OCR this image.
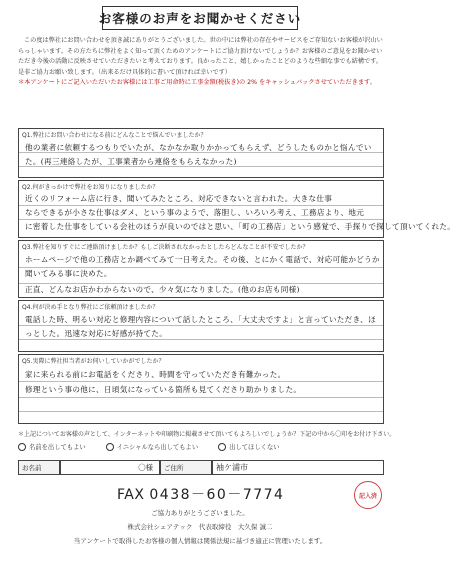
お客様のお声をお聞かせください

この度は弊社にお問い合わせを頂き誠にありがとうございました。世の中には弊社の存在やサービスをご存知ないお客様が沢山いらっしゃいます。その方たちに弊社をよく知って頂くためのアンケートにご協力頂けないでしょうか？お客様のご意見をお聞かせいただき今後の活動に反映させていただきたいと考えております。良かったこと、嬉しかったことどのような些細な事でも結構です。是非ご協力お願い致します。（出来るだけ具体的に書いて頂ければ幸いです）

＊本アンケートにご記入いただいたお客様には工事ご用命時に工事金額(税抜き)の 2% をキャッシュバックさせていただきます。

Q1.弊社にお問い合わせになる前にどんなことで悩んでいましたか？
他の業者に依頼するつもりでいたが、なかなか取りかかってもらえず、どうしたものかと悩んでいた。(再三連絡したが、工事業者から連絡をもらえなかった)
Q2.何がきっかけで弊社をお知りになりましたか？
近くのリフォーム店に行き、聞いてみたところ、対応できないと言われた。大きな仕事
ならできるが小さな仕事はダメ、という事のようで、落胆し、いろいろ考え、工務店より、地元
に密着した仕事をしている会社のほうが良いのではと思い、「町の工務店」という感覚で、手探りで探して頂いてくれた。
Q3.弊社を知りすぐにご連絡頂けましたか？もしご決断されなかったとしたらどんなことが不安でしたか？
ホームページで他の工務店とか調べてみて一日考えた。その後、とにかく電話で、対応可能かどうか聞いてみる事に決めた。
正直、どんなお店かわからないので、少々気になりました。(他のお店も同様)
Q4.何が決め手となり弊社にご依頼頂けましたか？
電話した時、明るい対応と修理内容について話したところ、「大丈夫ですよ」と言っていただき、ほっとした。迅速な対応に好感が持てた。
Q5.実際に弊社担当者がお伺いしていかがでしたか？
家に来られる前にお電話をくださり、時間を守っていただき有難かった。
修理という事の他に、日頃気になっている箇所も見てくださり助かりました。
＊上記についてお客様の声として、インターネットや印刷物に掲載させて頂いてもよろしいでしょうか？下記の中から〇印をお付け下さい。
名前を出してもよい	イニシャルなら出してもよい	出してほしくない
お名前	〇様	ご住所	袖ケ浦市
FAX 0438－60－7774	記入済
ご協力ありがとうございました。
株式会社シェアテック　代表取締役　大久保 誠二
当アンケートで取得したお客様の個人情報は関係法規に基づき適正に管理いたします。
